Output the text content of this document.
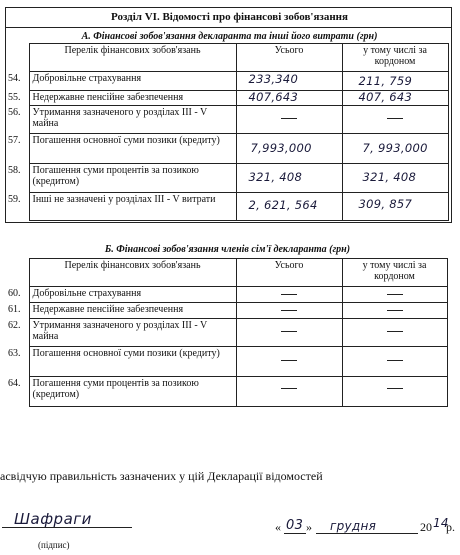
Розділ VI. Відомості про фінансові зобов'язання
А. Фінансові зобов'язання декларанта та інші його витрати (грн)
	Перелік фінансових зобов'язань	Усього	у тому числі за кордоном
54.	Добровільне страхування	233,340	211, 759

55.	Недержавне пенсійне забезпечення	407,643	407, 643

56.	Утримання зазначеного у розділах III - V майна	

57.	Погашення основної суми позики (кредиту)	7,993,000	7, 993,000

58.	Погашення суми процентів за позикою (кредитом)	321, 408	321, 408

59.	Інші не зазначені у розділах III - V витрати	2, 621, 564	309, 857
Б. Фінансові зобов'язання членів сім'ї декларанта (грн)
	Перелік фінансових зобов'язань	Усього	у тому числі за кордоном
60.	Добровільне страхування	

61.	Недержавне пенсійне забезпечення	

62.	Утримання зазначеного у розділах III - V майна	

63.	Погашення основної суми позики (кредиту)	

64.	Погашення суми процентів за позикою (кредитом)	

асвідчую правильність зазначених у цій Декларації відомостей
Шафраги
(підпис)
« 03 » грудня	20 14
р.
